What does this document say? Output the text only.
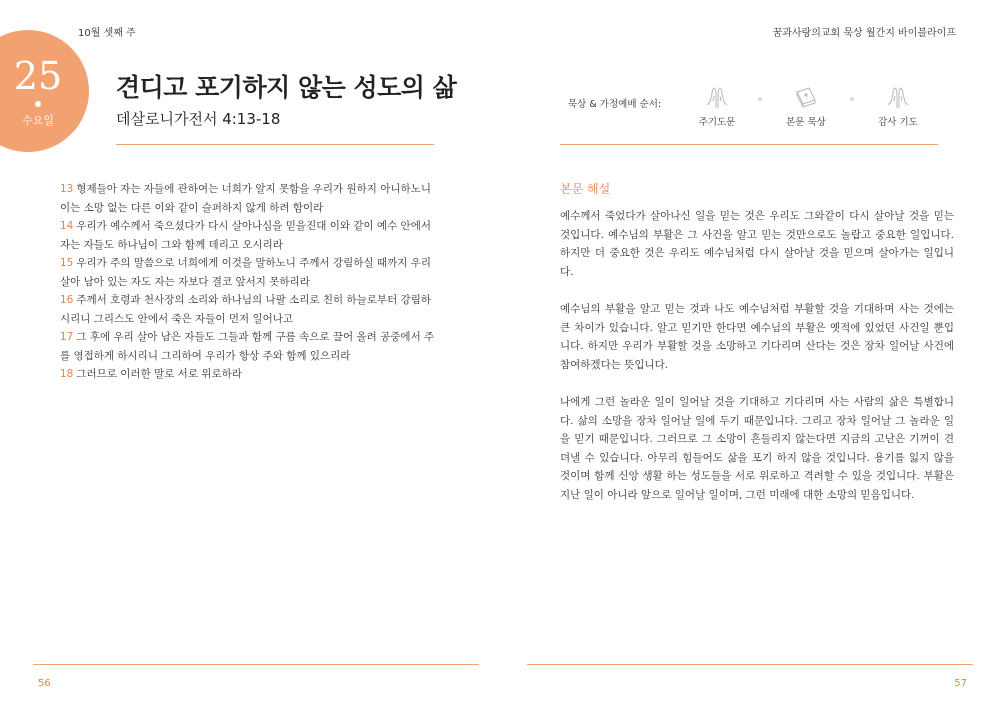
10월 셋째 주
25
수요일
견디고 포기하지 않는 성도의 삶
데살로니가전서 4:13-18
13 형제들아 자는 자들에 관하여는 너희가 알지 못함을 우리가 원하지 아니하노니 이는 소망 없는 다른 이와 같이 슬퍼하지 않게 하려 함이라
14 우리가 예수께서 죽으셨다가 다시 살아나심을 믿을진대 이와 같이 예수 안에서 자는 자들도 하나님이 그와 함께 데리고 오시리라
15 우리가 주의 말씀으로 너희에게 이것을 말하노니 주께서 강림하실 때까지 우리 살아 남아 있는 자도 자는 자보다 결코 앞서지 못하리라
16 주께서 호령과 천사장의 소리와 하나님의 나팔 소리로 친히 하늘로부터 강림하시리니 그리스도 안에서 죽은 자들이 먼저 일어나고
17 그 후에 우리 살아 남은 자들도 그들과 함께 구름 속으로 끌어 올려 공중에서 주를 영접하게 하시리니 그리하여 우리가 항상 주와 함께 있으리라
18 그러므로 이러한 말로 서로 위로하라
56
꿈과사랑의교회 묵상 월간지 바이블라이프
묵상 & 가정예배 순서:
주기도문	본문 묵상	감사 기도
본문 해설

예수께서 죽었다가 살아나신 일을 믿는 것은 우리도 그와같이 다시 살아날 것을 믿는 것입니다. 예수님의 부활은 그 사건을 알고 믿는 것만으로도 놀랍고 중요한 일입니다. 하지만 더 중요한 것은 우리도 예수님처럼 다시 살아날 것을 믿으며 살아가는 일입니다.

예수님의 부활을 알고 믿는 것과 나도 예수님처럼 부활할 것을 기대하며 사는 것에는 큰 차이가 있습니다. 알고 믿기만 한다면 예수님의 부활은 옛적에 있었던 사건일 뿐입니다. 하지만 우리가 부활할 것을 소망하고 기다리며 산다는 것은 장차 일어날 사건에 참여하겠다는 뜻입니다.

나에게 그런 놀라운 일이 일어날 것을 기대하고 기다리며 사는 사람의 삶은 특별합니다. 삶의 소망을 장차 일어날 일에 두기 때문입니다. 그리고 장차 일어날 그 놀라운 일을 믿기 때문입니다. 그러므로 그 소망이 흔들리지 않는다면 지금의 고난은 기꺼이 견뎌낼 수 있습니다. 아무리 힘들어도 삶을 포기 하지 않을 것입니다. 용기를 잃지 않을 것이며 함께 신앙 생활 하는 성도들을 서로 위로하고 격려할 수 있을 것입니다. 부활은 지난 일이 아니라 앞으로 일어날 일이며, 그런 미래에 대한 소망의 믿음입니다.

57
